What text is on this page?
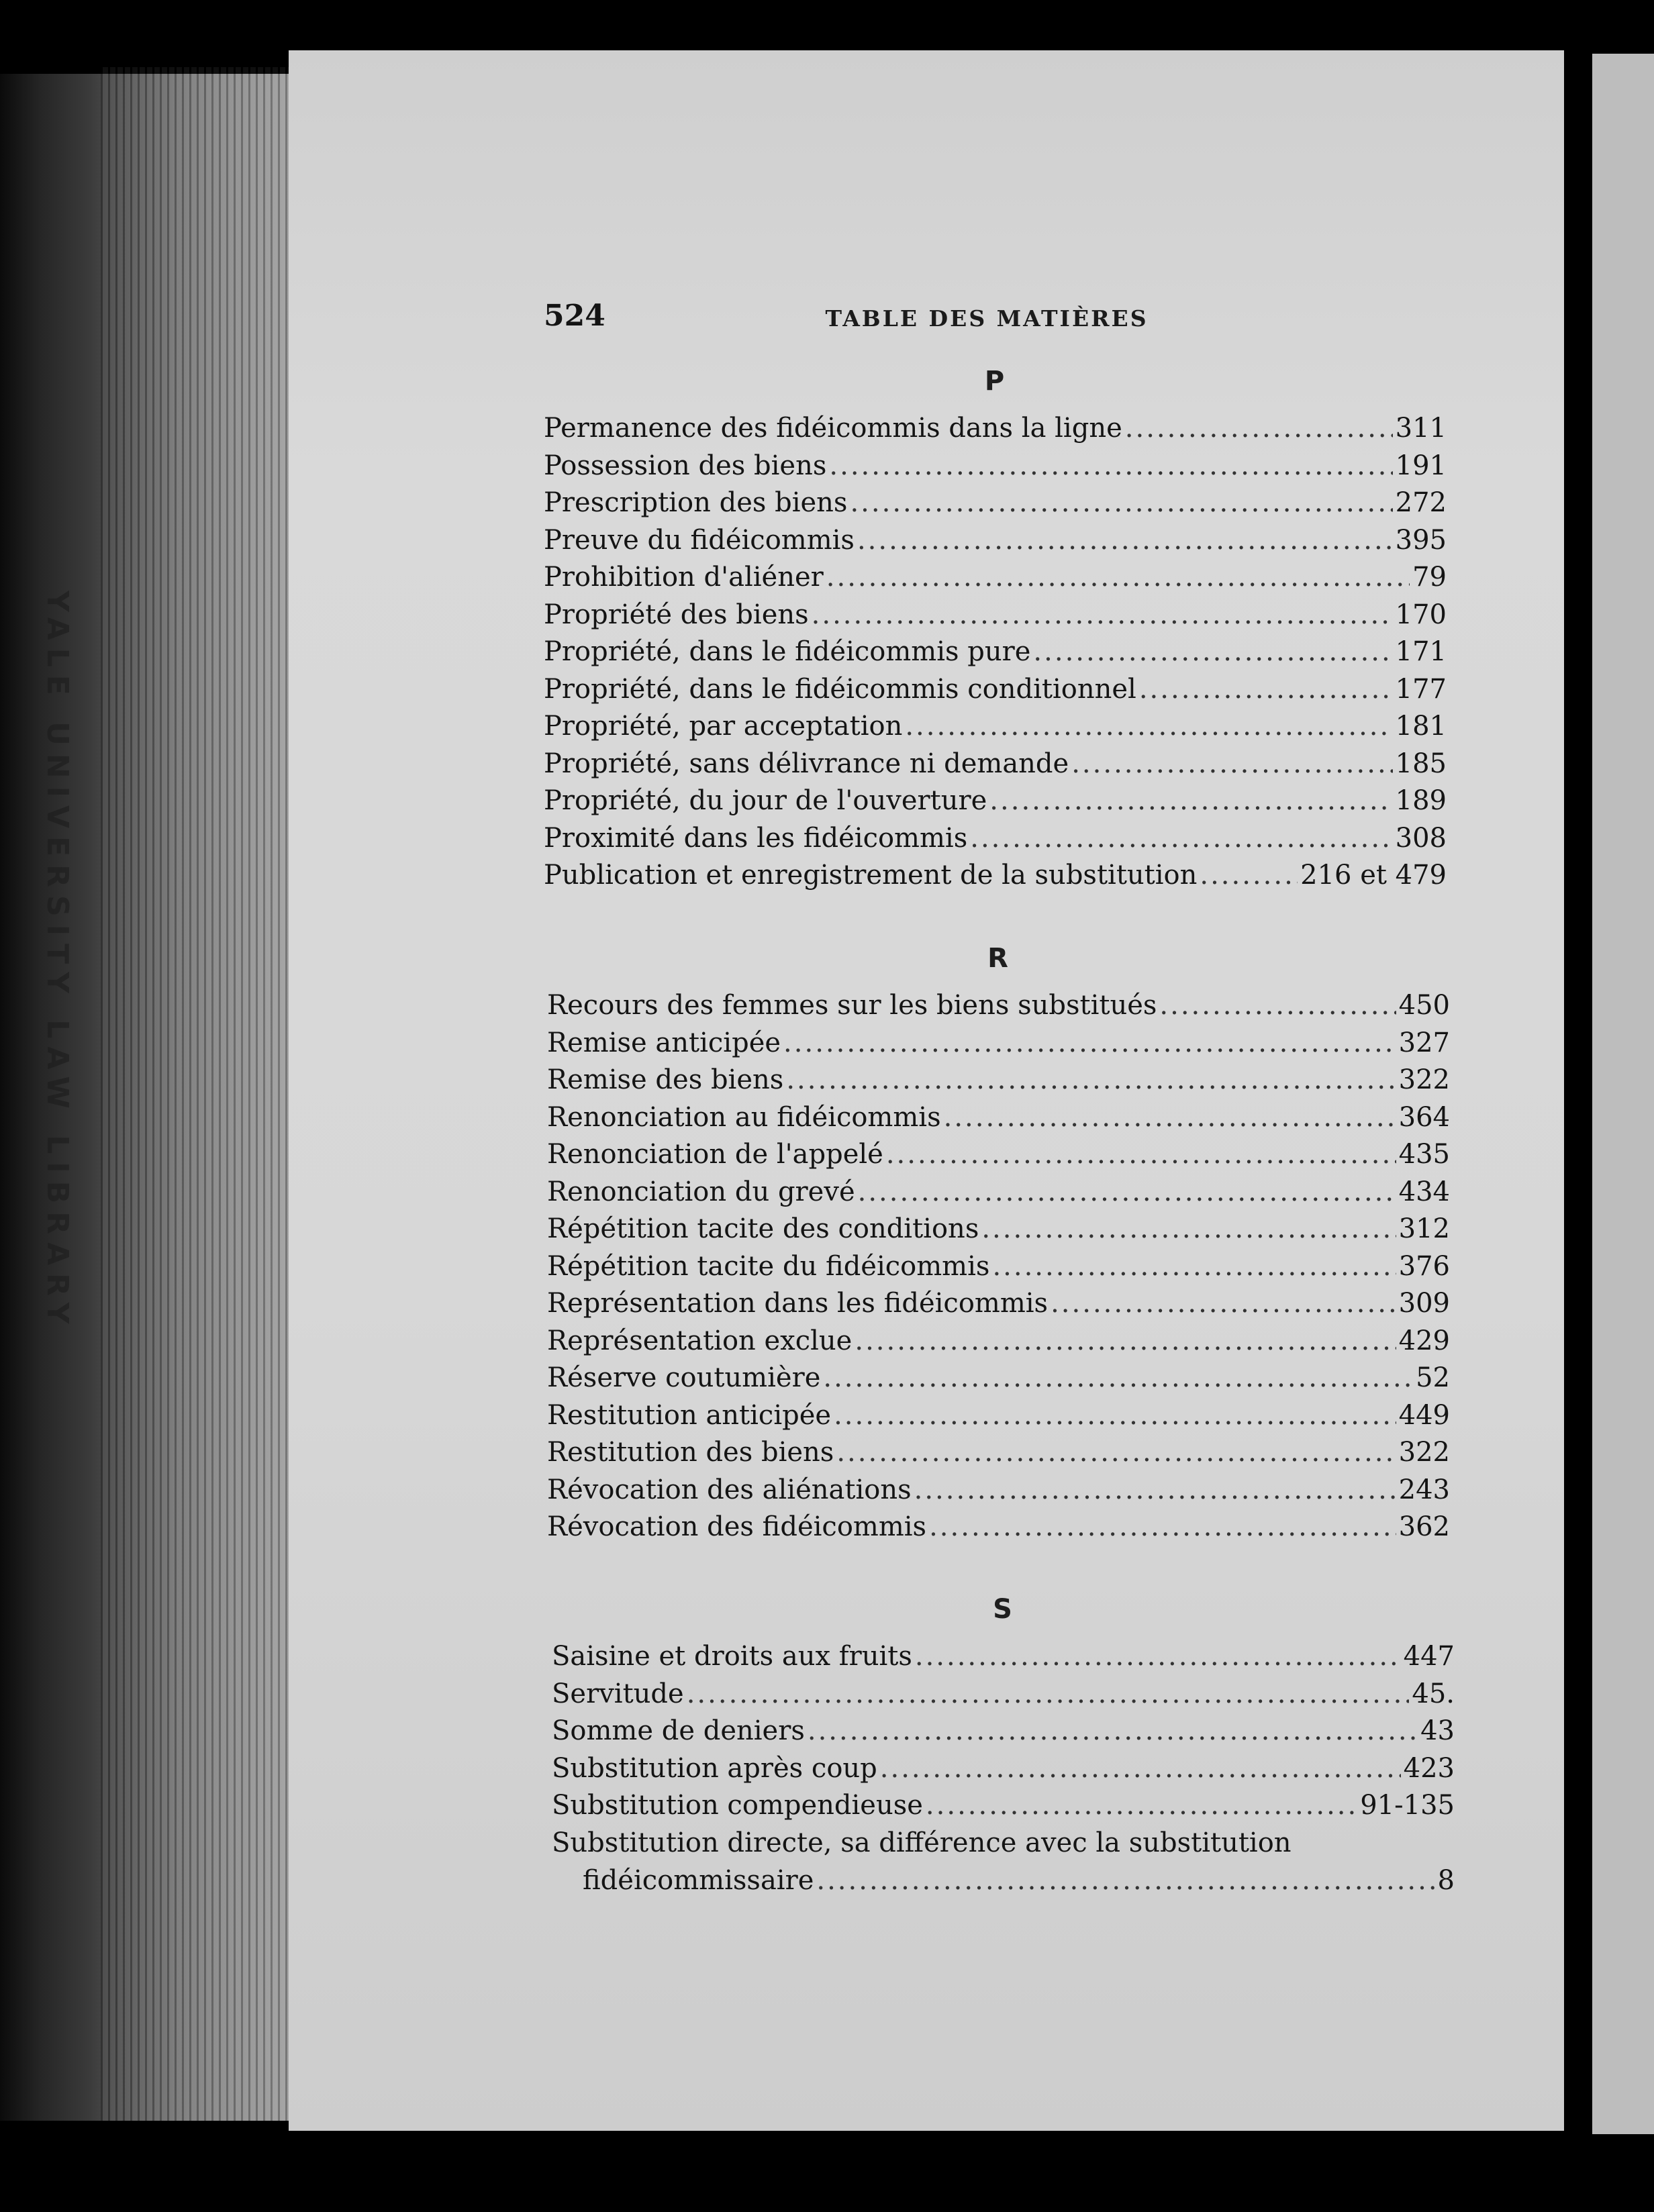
YALE UNIVERSITY LAW LIBRARY
524	TABLE DES MATIÈRES
P
Permanence des fidéicommis dans la ligne .....	311
Possession des biens .....	191
Prescription des biens .....	272
Preuve du fidéicommis .....	395
Prohibition d'aliéner .....	79
Propriété des biens .....	170
Propriété, dans le fidéicommis pure .....	171
Propriété, dans le fidéicommis conditionnel .....	177
Propriété, par acceptation .....	181
Propriété, sans délivrance ni demande .....	185
Propriété, du jour de l'ouverture .....	189
Proximité dans les fidéicommis .....	308
Publication et enregistrement de la substitution .....	216 et 479
R
Recours des femmes sur les biens substitués .....	450
Remise anticipée .....	327
Remise des biens .....	322
Renonciation au fidéicommis .....	364
Renonciation de l'appelé .....	435
Renonciation du grevé .....	434
Répétition tacite des conditions .....	312
Répétition tacite du fidéicommis .....	376
Représentation dans les fidéicommis .....	309
Représentation exclue .....	429
Réserve coutumière .....	52
Restitution anticipée .....	449
Restitution des biens .....	322
Révocation des aliénations .....	243
Révocation des fidéicommis .....	362
S
Saisine et droits aux fruits .....	447
Servitude .....	45.
Somme de deniers .....	43
Substitution après coup .....	423
Substitution compendieuse .....	91-135
Substitution directe, sa différence avec la substitution
fidéicommissaire .....	8
